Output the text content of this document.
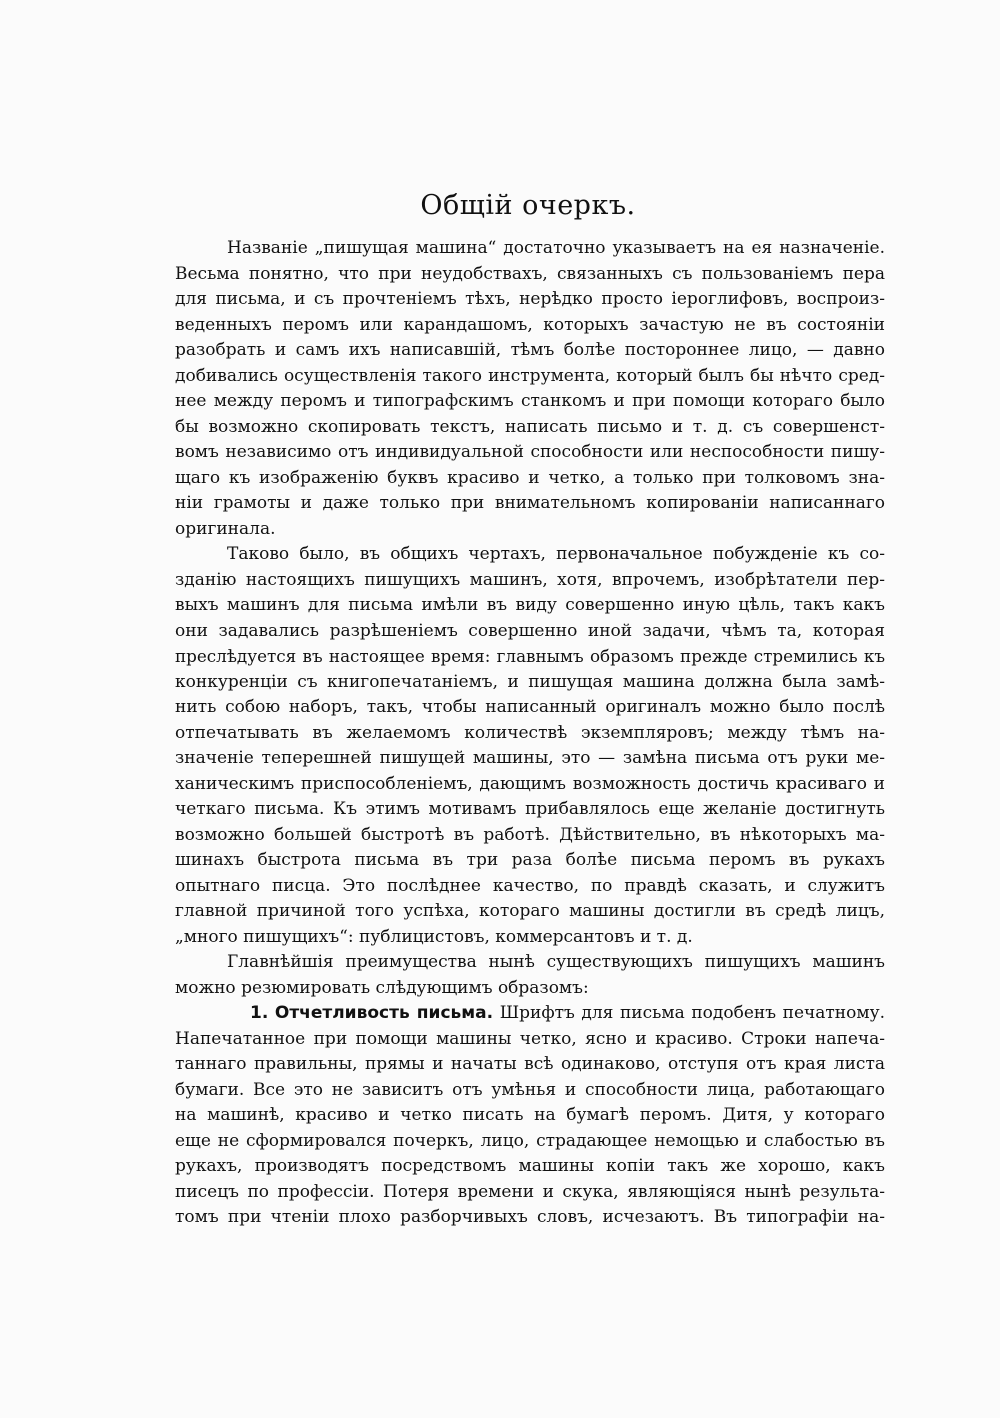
Общій очеркъ.
Названіе „пишущая машина“ достаточно указываетъ на ея назначеніе.
Весьма понятно, что при неудобствахъ, связанныхъ съ пользованіемъ пера
для письма, и съ прочтеніемъ тѣхъ, нерѣдко просто іероглифовъ, воспроиз-
веденныхъ перомъ или карандашомъ, которыхъ зачастую не въ состояніи
разобрать и самъ ихъ написавшій, тѣмъ болѣе постороннее лицо, — давно
добивались осуществленія такого инструмента, который былъ бы нѣчто сред-
нее между перомъ и типографскимъ станкомъ и при помощи котораго было
бы возможно скопировать текстъ, написать письмо и т. д. съ совершенст-
вомъ независимо отъ индивидуальной способности или неспособности пишу-
щаго къ изображенію буквъ красиво и четко, а только при толковомъ зна-
ніи грамоты и даже только при внимательномъ копированіи написаннаго
оригинала.
Таково было, въ общихъ чертахъ, первоначальное побужденіе къ со-
зданію настоящихъ пишущихъ машинъ, хотя, впрочемъ, изобрѣтатели пер-
выхъ машинъ для письма имѣли въ виду совершенно иную цѣль, такъ какъ
они задавались разрѣшеніемъ совершенно иной задачи, чѣмъ та, которая
преслѣдуется въ настоящее время: главнымъ образомъ прежде стремились къ
конкуренціи съ книгопечатаніемъ, и пишущая машина должна была замѣ-
нить собою наборъ, такъ, чтобы написанный оригиналъ можно было послѣ
отпечатывать въ желаемомъ количествѣ экземпляровъ; между тѣмъ на-
значеніе теперешней пишущей машины, это — замѣна письма отъ руки ме-
ханическимъ приспособленіемъ, дающимъ возможность достичь красиваго и
четкаго письма. Къ этимъ мотивамъ прибавлялось еще желаніе достигнуть
возможно большей быстротѣ въ работѣ. Дѣйствительно, въ нѣкоторыхъ ма-
шинахъ быстрота письма въ три раза болѣе письма перомъ въ рукахъ
опытнаго писца. Это послѣднее качество, по правдѣ сказать, и служитъ
главной причиной того успѣха, котораго машины достигли въ средѣ лицъ,
„много пишущихъ“: публицистовъ, коммерсантовъ и т. д.
Главнѣйшія преимущества нынѣ существующихъ пишущихъ машинъ
можно резюмировать слѣдующимъ образомъ:
1. Отчетливость письма. Шрифтъ для письма подобенъ печатному.
Напечатанное при помощи машины четко, ясно и красиво. Строки напеча-
таннаго правильны, прямы и начаты всѣ одинаково, отступя отъ края листа
бумаги. Все это не зависитъ отъ умѣнья и способности лица, работающаго
на машинѣ, красиво и четко писать на бумагѣ перомъ. Дитя, у котораго
еще не сформировался почеркъ, лицо, страдающее немощью и слабостью въ
рукахъ, производятъ посредствомъ машины копіи такъ же хорошо, какъ
писецъ по профессіи. Потеря времени и скука, являющіяся нынѣ результа-
томъ при чтеніи плохо разборчивыхъ словъ, исчезаютъ. Въ типографіи на-
